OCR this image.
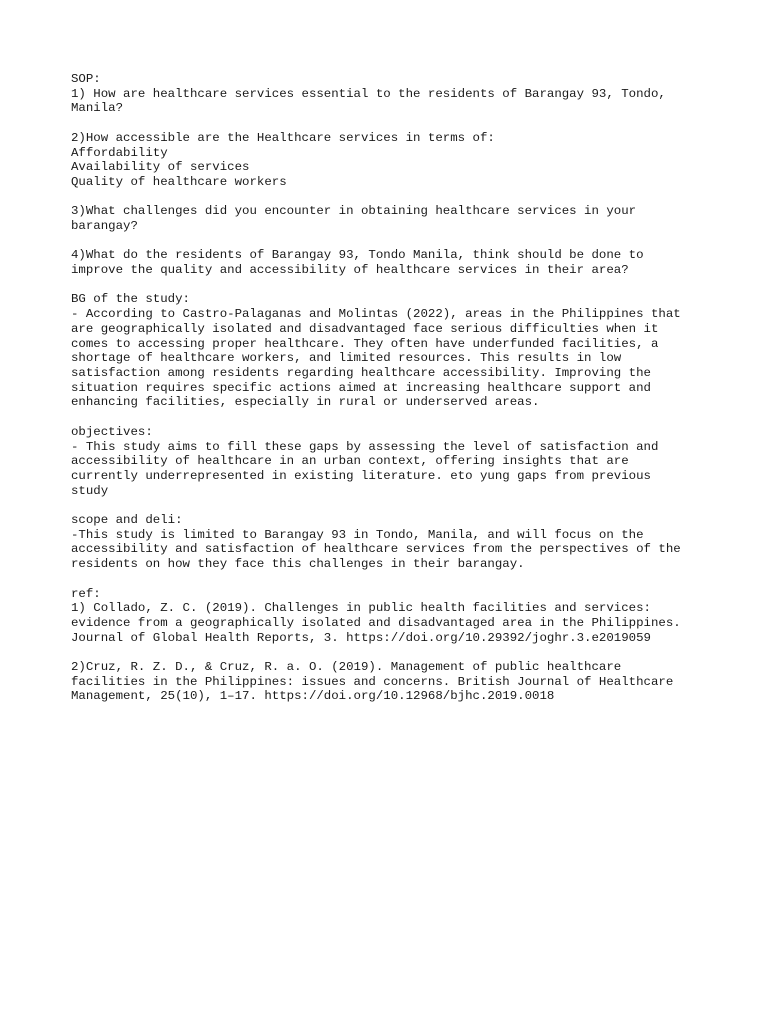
SOP:

1) How are healthcare services essential to the residents of Barangay 93, Tondo,

Manila?

2)How accessible are the Healthcare services in terms of:

Affordability

Availability of services

Quality of healthcare workers

3)What challenges did you encounter in obtaining healthcare services in your

barangay?

4)What do the residents of Barangay 93, Tondo Manila, think should be done to

improve the quality and accessibility of healthcare services in their area?

BG of the study:

- According to Castro-Palaganas and Molintas (2022), areas in the Philippines that

are geographically isolated and disadvantaged face serious difficulties when it

comes to accessing proper healthcare. They often have underfunded facilities, a

shortage of healthcare workers, and limited resources. This results in low

satisfaction among residents regarding healthcare accessibility. Improving the

situation requires specific actions aimed at increasing healthcare support and

enhancing facilities, especially in rural or underserved areas.

objectives:

- This study aims to fill these gaps by assessing the level of satisfaction and

accessibility of healthcare in an urban context, offering insights that are

currently underrepresented in existing literature. eto yung gaps from previous

study

scope and deli:

-This study is limited to Barangay 93 in Tondo, Manila, and will focus on the

accessibility and satisfaction of healthcare services from the perspectives of the

residents on how they face this challenges in their barangay.

ref:

1) Collado, Z. C. (2019). Challenges in public health facilities and services:

evidence from a geographically isolated and disadvantaged area in the Philippines.

Journal of Global Health Reports, 3. https://doi.org/10.29392/joghr.3.e2019059

2)Cruz, R. Z. D., & Cruz, R. a. O. (2019). Management of public healthcare

facilities in the Philippines: issues and concerns. British Journal of Healthcare

Management, 25(10), 1–17. https://doi.org/10.12968/bjhc.2019.0018
